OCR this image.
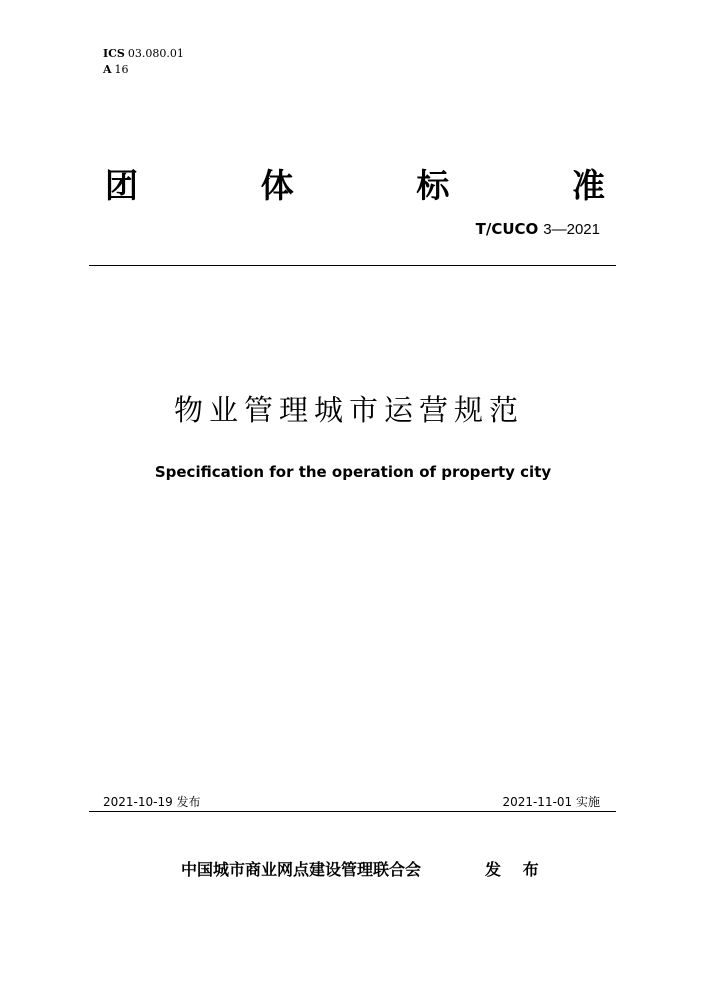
ICS 03.080.01
A 16
团	体	标	准
T/CUCO 3—2021
物业管理城市运营规范
Specification for the operation of property city
2021-10-19 发布	2021-11-01 实施
中国城市商业网点建设管理联合会	发 布
